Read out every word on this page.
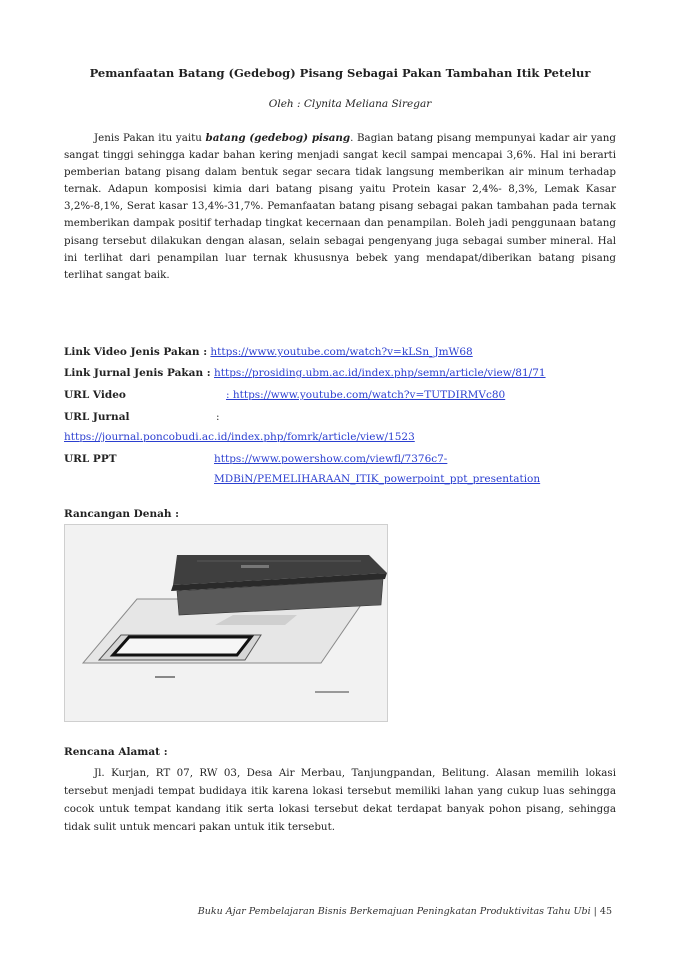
Pemanfaatan Batang (Gedebog) Pisang Sebagai Pakan Tambahan Itik Petelur
Oleh : Clynita Meliana Siregar
Jenis Pakan itu yaitu batang (gedebog) pisang. Bagian batang pisang mempunyai kadar air yang sangat tinggi sehingga kadar bahan kering menjadi sangat kecil sampai mencapai 3,6%. Hal ini berarti pemberian batang pisang dalam bentuk segar secara tidak langsung memberikan air minum terhadap ternak. Adapun komposisi kimia dari batang pisang yaitu Protein kasar 2,4%- 8,3%, Lemak Kasar 3,2%-8,1%, Serat kasar 13,4%-31,7%. Pemanfaatan batang pisang sebagai pakan tambahan pada ternak memberikan dampak positif terhadap tingkat kecernaan dan penampilan. Boleh jadi penggunaan batang pisang tersebut dilakukan dengan alasan, selain sebagai pengenyang juga sebagai sumber mineral. Hal ini terlihat dari penampilan luar ternak khususnya bebek yang mendapat/diberikan batang pisang terlihat sangat baik.
Link Video Jenis Pakan : https://www.youtube.com/watch?v=kLSn_JmW68
Link Jurnal Jenis Pakan : https://prosiding.ubm.ac.id/index.php/semn/article/view/81/71
URL Video	: https://www.youtube.com/watch?v=TUTDIRMVc80
URL Jurnal	:
https://journal.poncobudi.ac.id/index.php/fomrk/article/view/1523
URL PPT	https://www.powershow.com/viewfl/7376c7-
MDBiN/PEMELIHARAAN_ITIK_powerpoint_ppt_presentation
Rancangan Denah :
Rencana Alamat :
Jl. Kurjan, RT 07, RW 03, Desa Air Merbau, Tanjungpandan, Belitung. Alasan memilih lokasi tersebut menjadi tempat budidaya itik karena lokasi tersebut memiliki lahan yang cukup luas sehingga cocok untuk tempat kandang itik serta lokasi tersebut dekat terdapat banyak pohon pisang, sehingga tidak sulit untuk mencari pakan untuk itik tersebut.
Buku Ajar Pembelajaran Bisnis Berkemajuan Peningkatan Produktivitas Tahu Ubi | 45
